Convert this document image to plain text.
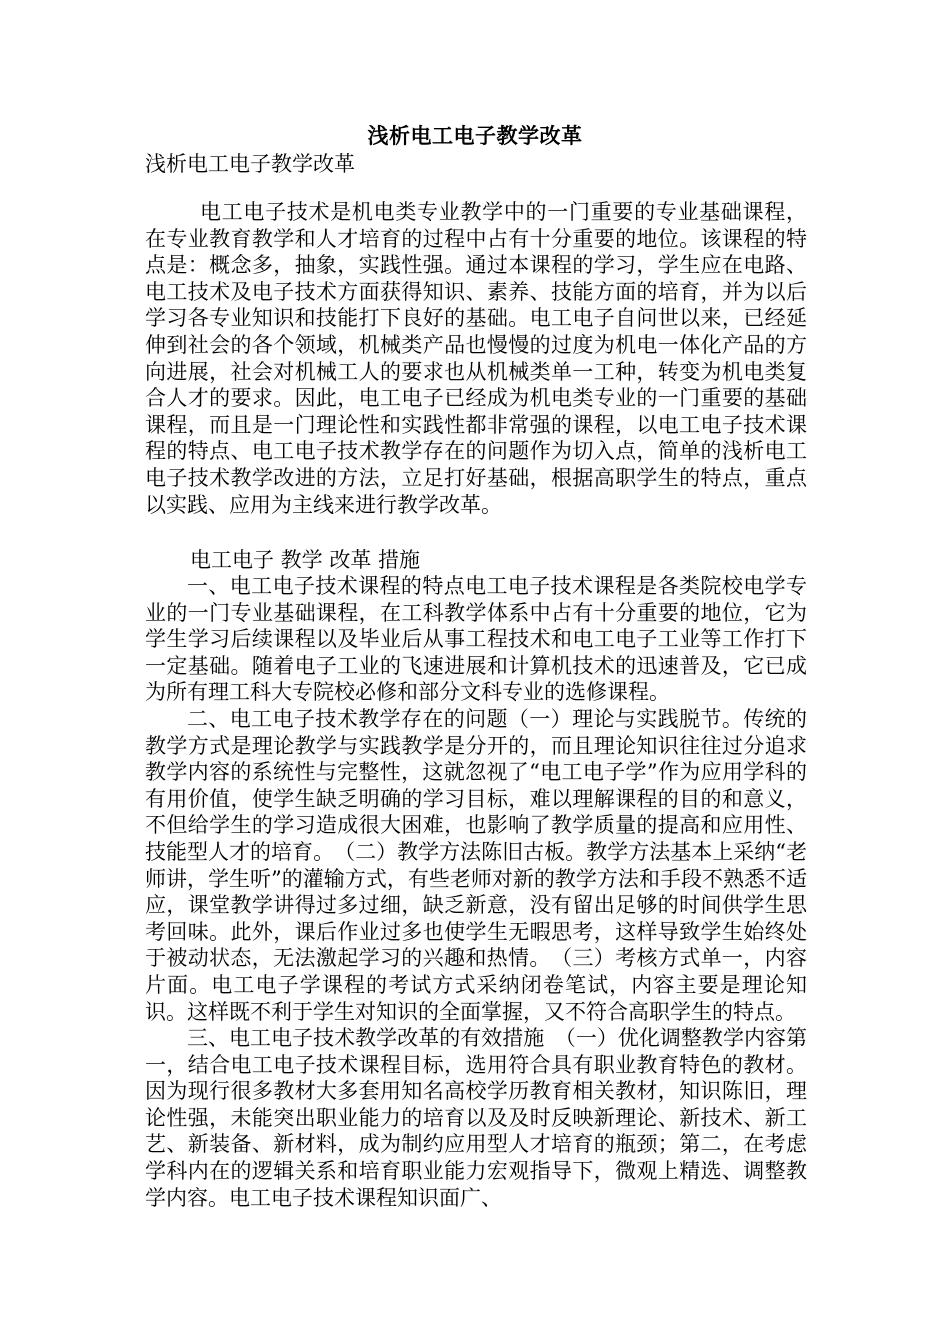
浅析电工电子教学改革
浅析电工电子教学改革
电工电子技术是机电类专业教学中的一门重要的专业基础课程，在专业教育教学和人才培育的过程中占有十分重要的地位。该课程的特点是：概念多，抽象，实践性强。通过本课程的学习，学生应在电路、电工技术及电子技术方面获得知识、素养、技能方面的培育，并为以后学习各专业知识和技能打下良好的基础。电工电子自问世以来，已经延伸到社会的各个领域，机械类产品也慢慢的过度为机电一体化产品的方向进展，社会对机械工人的要求也从机械类单一工种，转变为机电类复合人才的要求。因此，电工电子已经成为机电类专业的一门重要的基础课程，而且是一门理论性和实践性都非常强的课程，以电工电子技术课程的特点、电工电子技术教学存在的问题作为切入点，简单的浅析电工电子技术教学改进的方法，立足打好基础，根据高职学生的特点，重点以实践、应用为主线来进行教学改革。
电工电子 教学 改革 措施

一、电工电子技术课程的特点电工电子技术课程是各类院校电学专业的一门专业基础课程，在工科教学体系中占有十分重要的地位，它为学生学习后续课程以及毕业后从事工程技术和电工电子工业等工作打下一定基础。随着电子工业的飞速进展和计算机技术的迅速普及，它已成为所有理工科大专院校必修和部分文科专业的选修课程。

二、电工电子技术教学存在的问题（一）理论与实践脱节。传统的教学方式是理论教学与实践教学是分开的，而且理论知识往往过分追求教学内容的系统性与完整性，这就忽视了“电工电子学”作为应用学科的有用价值，使学生缺乏明确的学习目标，难以理解课程的目的和意义，不但给学生的学习造成很大困难，也影响了教学质量的提高和应用性、技能型人才的培育。　（二）教学方法陈旧古板。教学方法基本上采纳“老师讲，学生听”的灌输方式，有些老师对新的教学方法和手段不熟悉不适应，课堂教学讲得过多过细，缺乏新意，没有留出足够的时间供学生思考回味。此外，课后作业过多也使学生无暇思考，这样导致学生始终处于被动状态，无法激起学习的兴趣和热情。　（三）考核方式单一，内容片面。电工电子学课程的考试方式采纳闭卷笔试，内容主要是理论知识。这样既不利于学生对知识的全面掌握，又不符合高职学生的特点。

三、电工电子技术教学改革的有效措施　（一）优化调整教学内容第一，结合电工电子技术课程目标，选用符合具有职业教育特色的教材。因为现行很多教材大多套用知名高校学历教育相关教材，知识陈旧，理论性强，未能突出职业能力的培育以及及时反映新理论、新技术、新工艺、新装备、新材料，成为制约应用型人才培育的瓶颈；第二，在考虑学科内在的逻辑关系和培育职业能力宏观指导下，微观上精选、调整教学内容。电工电子技术课程知识面广、
